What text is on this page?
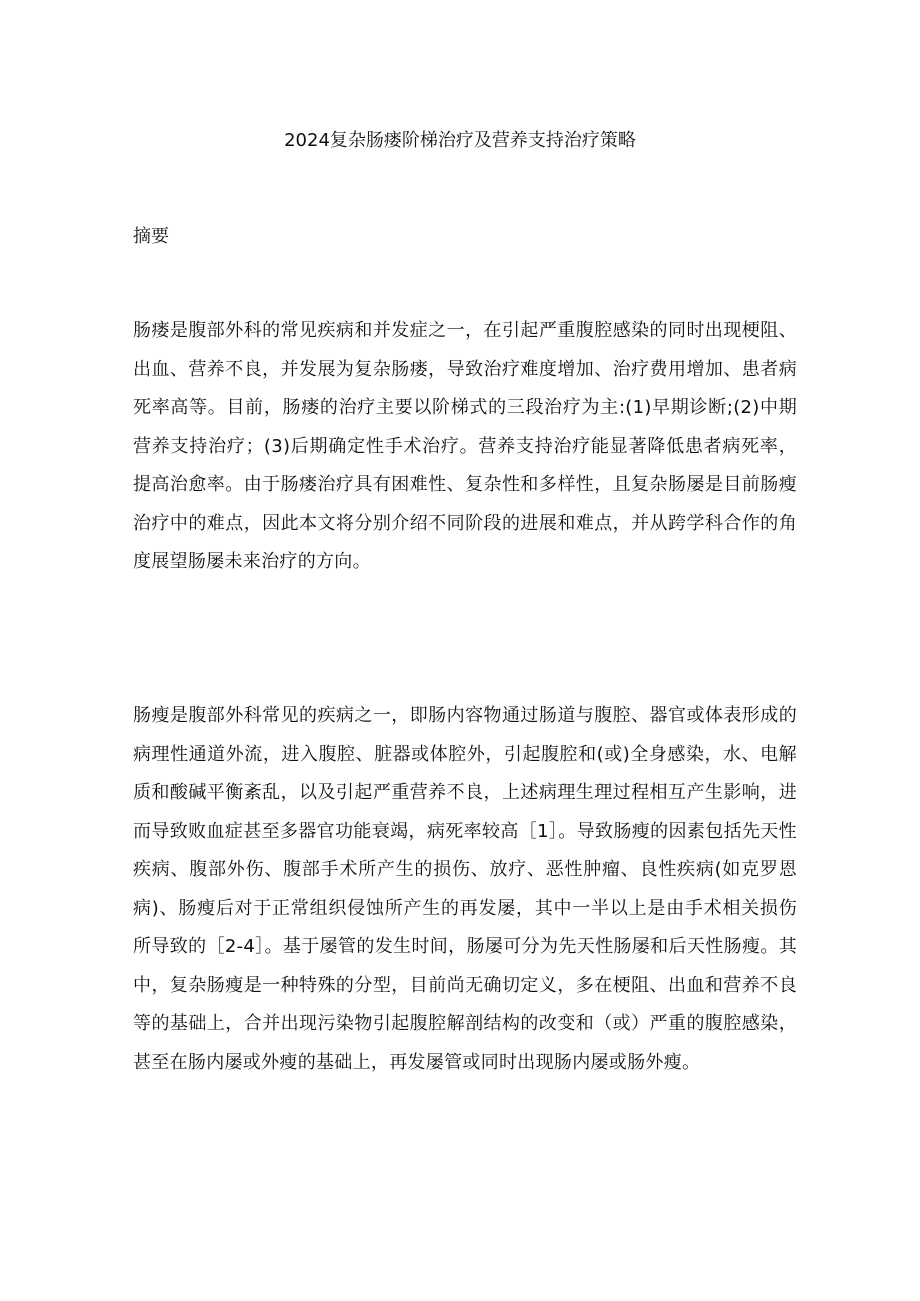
2024复杂肠瘘阶梯治疗及营养支持治疗策略
摘要

肠瘘是腹部外科的常见疾病和并发症之一，在引起严重腹腔感染的同时出现梗阻、出血、营养不良，并发展为复杂肠瘘，导致治疗难度增加、治疗费用增加、患者病死率高等。目前，肠瘘的治疗主要以阶梯式的三段治疗为主:(1)早期诊断;(2)中期营养支持治疗；(3)后期确定性手术治疗。营养支持治疗能显著降低患者病死率，提高治愈率。由于肠瘘治疗具有困难性、复杂性和多样性，且复杂肠屡是目前肠瘦治疗中的难点，因此本文将分别介绍不同阶段的进展和难点，并从跨学科合作的角度展望肠屡未来治疗的方向。

肠瘦是腹部外科常见的疾病之一，即肠内容物通过肠道与腹腔、器官或体表形成的病理性通道外流，进入腹腔、脏器或体腔外，引起腹腔和(或)全身感染，水、电解质和酸碱平衡紊乱，以及引起严重营养不良，上述病理生理过程相互产生影响，进而导致败血症甚至多器官功能衰竭，病死率较高［1］。导致肠瘦的因素包括先天性疾病、腹部外伤、腹部手术所产生的损伤、放疗、恶性肿瘤、良性疾病(如克罗恩病)、肠瘦后对于正常组织侵蚀所产生的再发屡，其中一半以上是由手术相关损伤所导致的［2-4］。基于屡管的发生时间，肠屡可分为先天性肠屡和后天性肠瘦。其中，复杂肠瘦是一种特殊的分型，目前尚无确切定义，多在梗阻、出血和营养不良等的基础上，合并出现污染物引起腹腔解剖结构的改变和（或）严重的腹腔感染，甚至在肠内屡或外瘦的基础上，再发屡管或同时出现肠内屡或肠外瘦。
